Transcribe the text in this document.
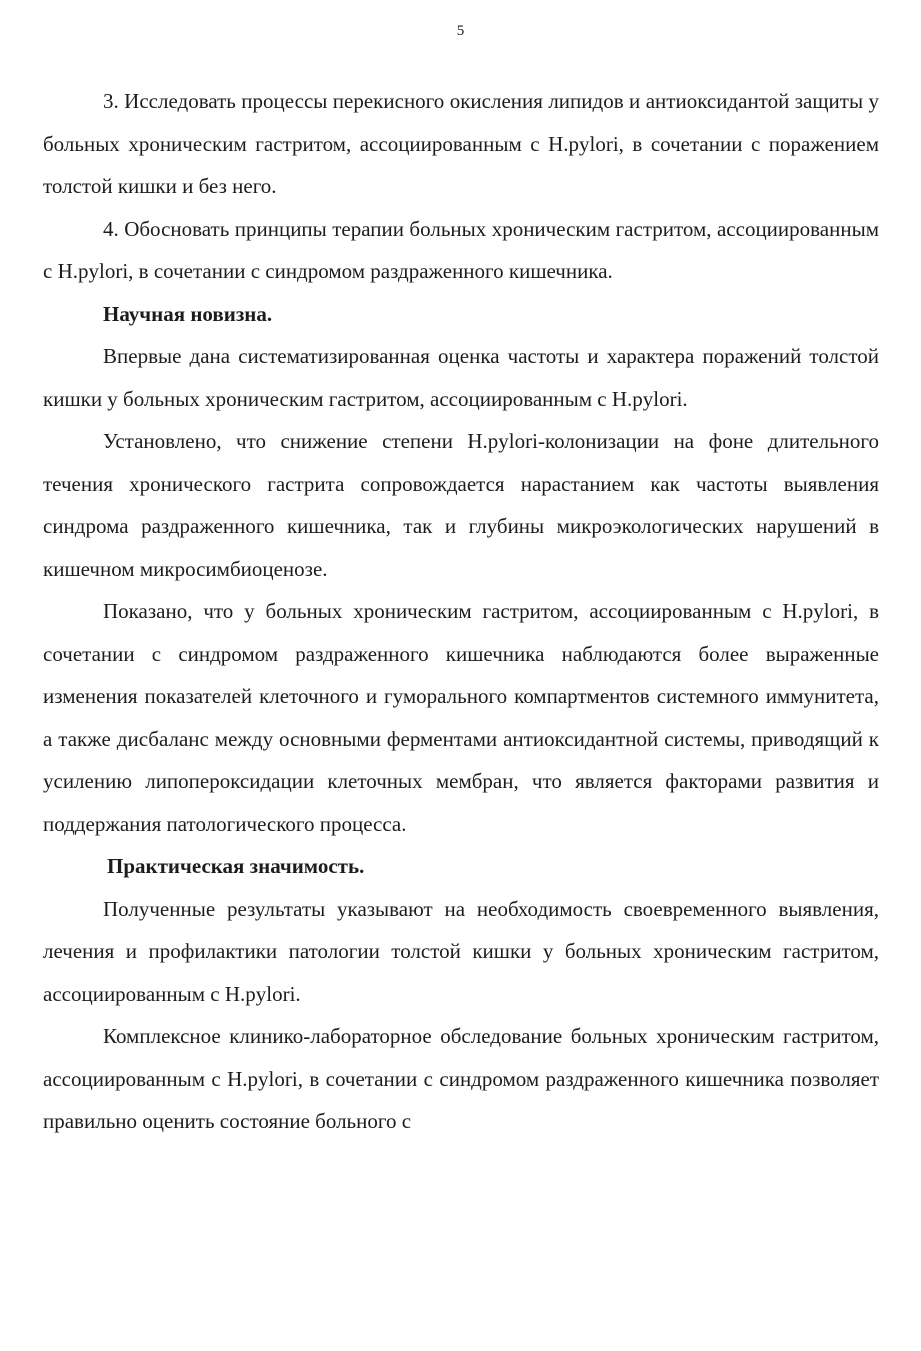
5

3. Исследовать процессы перекисного окисления липидов и антиоксидантой защиты у больных хроническим гастритом, ассоциированным с H.pylori, в сочетании с поражением толстой кишки и без него.

4. Обосновать принципы терапии больных хроническим гастритом, ассоциированным с H.pylori, в сочетании с синдромом раздраженного кишечника.

Научная новизна.

Впервые дана систематизированная оценка частоты и характера поражений толстой кишки у больных хроническим гастритом, ассоциированным с H.pylori.

Установлено, что снижение степени H.pylori-колонизации на фоне длительного течения хронического гастрита сопровождается нарастанием как частоты выявления синдрома раздраженного кишечника, так и глубины микроэкологических нарушений в кишечном микросимбиоценозе.

Показано, что у больных хроническим гастритом, ассоциированным с H.pylori, в сочетании с синдромом раздраженного кишечника наблюдаются более выраженные изменения показателей клеточного и гуморального компартментов системного иммунитета, а также дисбаланс между основными ферментами антиоксидантной системы, приводящий к усилению липопероксидации клеточных мембран, что является факторами развития и поддержания патологического процесса.

Практическая значимость.

Полученные результаты указывают на необходимость своевременного выявления, лечения и профилактики патологии толстой кишки у больных хроническим гастритом, ассоциированным с H.pylori.

Комплексное клинико-лабораторное обследование больных хроническим гастритом, ассоциированным с H.pylori, в сочетании с синдромом раздраженного кишечника позволяет правильно оценить состояние больного с
